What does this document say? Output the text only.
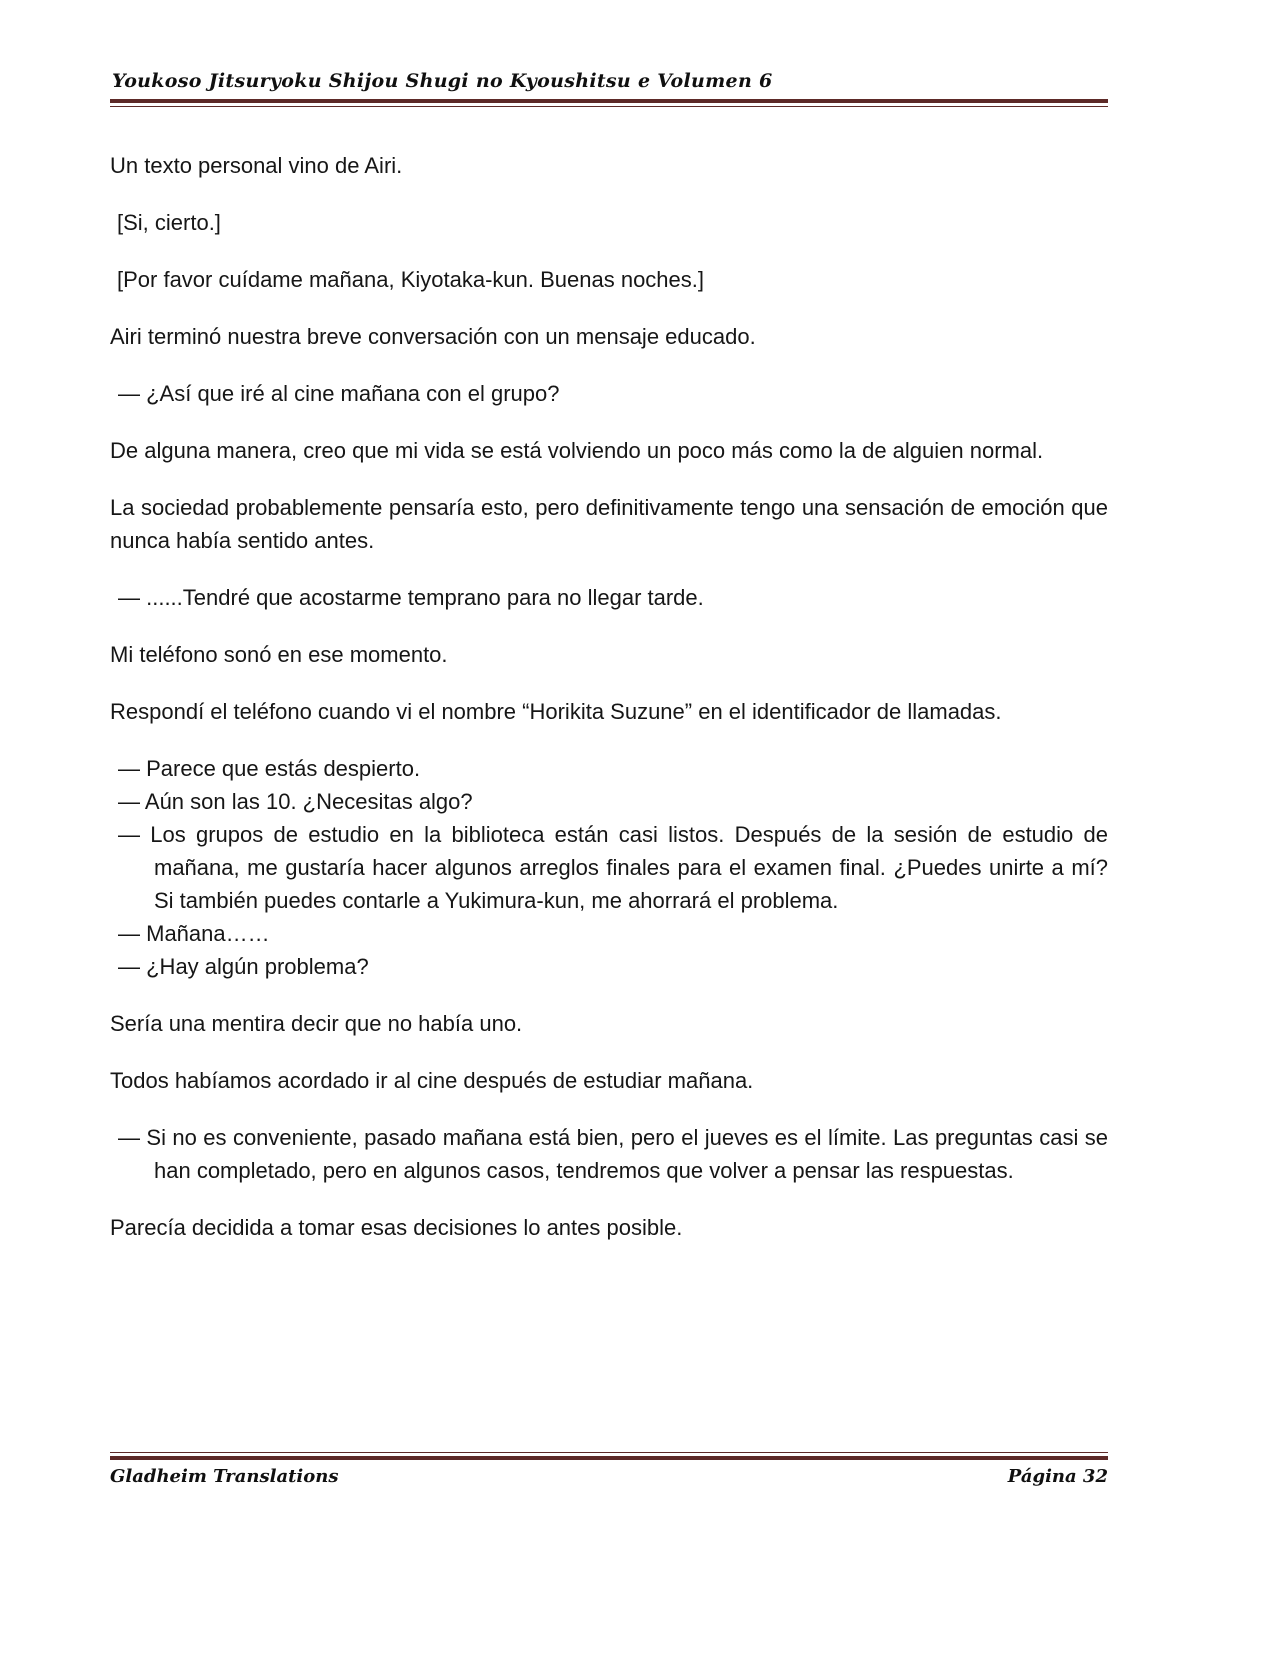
Youkoso Jitsuryoku Shijou Shugi no Kyoushitsu e Volumen 6

Un texto personal vino de Airi.

[Si, cierto.]

[Por favor cuídame mañana, Kiyotaka-kun. Buenas noches.]

Airi terminó nuestra breve conversación con un mensaje educado.

— ¿Así que iré al cine mañana con el grupo?

De alguna manera, creo que mi vida se está volviendo un poco más como la de alguien normal.

La sociedad probablemente pensaría esto, pero definitivamente tengo una sensación de emoción que nunca había sentido antes.

— ......Tendré que acostarme temprano para no llegar tarde.

Mi teléfono sonó en ese momento.

Respondí el teléfono cuando vi el nombre “Horikita Suzune” en el identificador de llamadas.

— Parece que estás despierto.

— Aún son las 10. ¿Necesitas algo?

— Los grupos de estudio en la biblioteca están casi listos. Después de la sesión de estudio de mañana, me gustaría hacer algunos arreglos finales para el examen final. ¿Puedes unirte a mí? Si también puedes contarle a Yukimura-kun, me ahorrará el problema.

— Mañana……

— ¿Hay algún problema?

Sería una mentira decir que no había uno.

Todos habíamos acordado ir al cine después de estudiar mañana.

— Si no es conveniente, pasado mañana está bien, pero el jueves es el límite. Las preguntas casi se han completado, pero en algunos casos, tendremos que volver a pensar las respuestas.

Parecía decidida a tomar esas decisiones lo antes posible.

Gladheim Translations	Página 32
